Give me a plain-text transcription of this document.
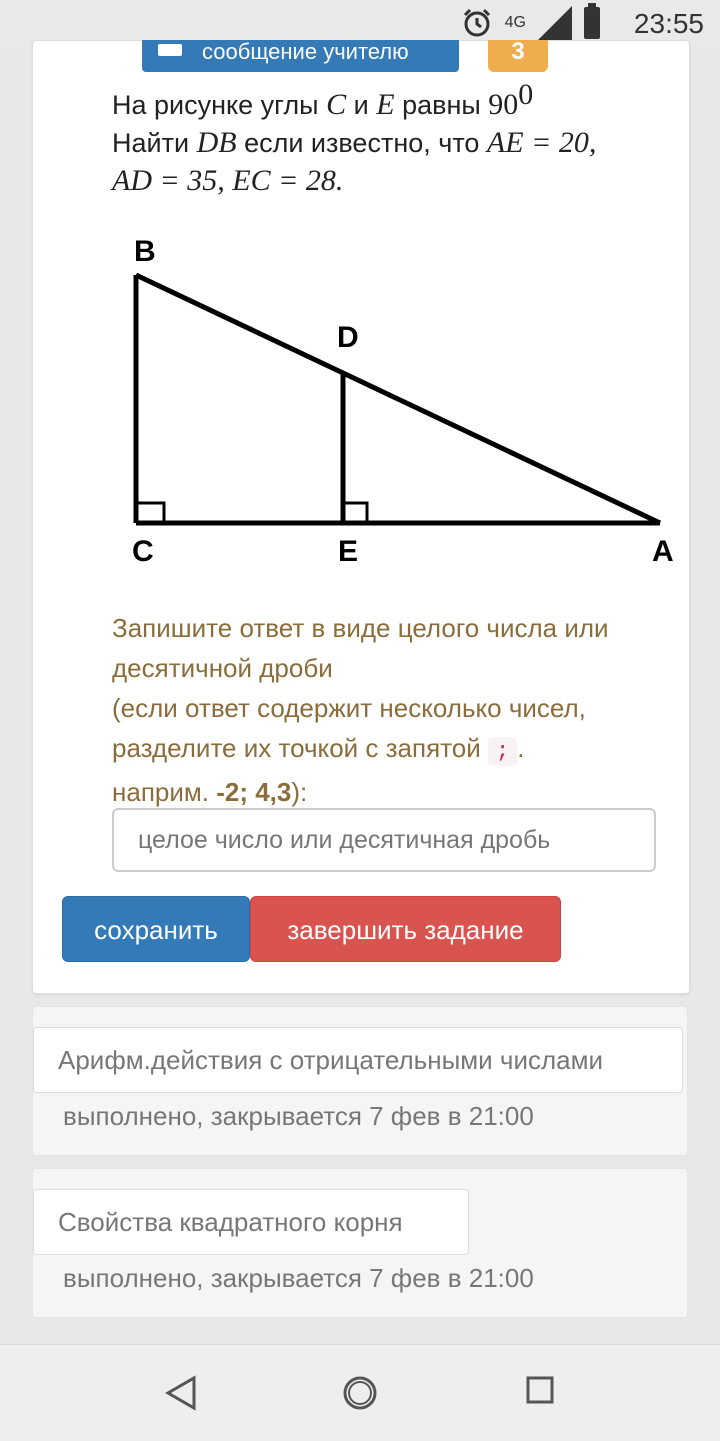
4G	23:55
сообщение учителю	3
На рисунке углы C и E равны $90^0$
Найти DB если известно, что AE = 20,
AD = 35, EC = 28.
B
D
C	E	A
Запишите ответ в виде целого числа или десятичной дроби
(если ответ содержит несколько чисел, разделите их точкой с запятой ; .
наприм. -2; 4,3):
целое число или десятичная дробь
сохранить	завершить задание
Арифм.действия с отрицательными числами
выполнено, закрывается 7 фев в 21:00
Свойства квадратного корня
выполнено, закрывается 7 фев в 21:00
